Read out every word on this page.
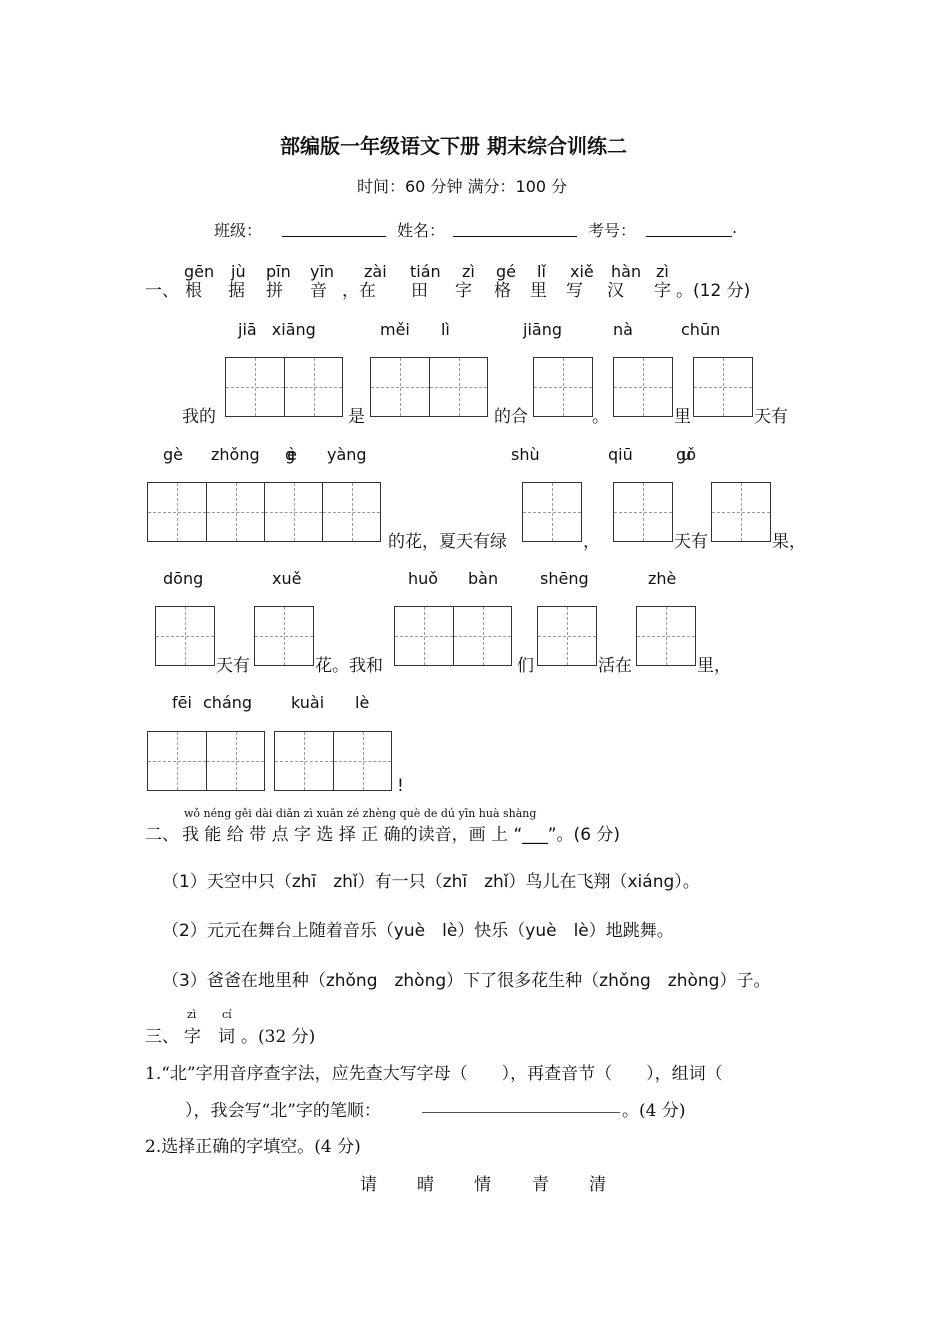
部编版一年级语文下册 期末综合训练二
时间：60 分钟 满分：100 分
班级：	姓名：	考号：	.
gēn jù pīn yīn zài tián zì gé lǐ xiě hàn zì
一、 根 据 拼 音 ，在 田 字 格 里 写 汉 字 。(12 分)
jiā xiāng	měi lì	jiāng	nà	chūn
我的	是	的合	。	里	天有
gè zhǒng gè yàng	shù	qiū	guǒ
的花，夏天有绿	，	天有	果，
dōng	xuě	huǒ bàn	shēng	zhè
天有	花。我和	们	活在	里，
fēi cháng kuài lè
!
wǒ néng gěi dài diǎn zì xuǎn zé zhèng què de dú yīn huà shàng
二、 我 能 给 带 点 字 选 择 正 确的读音，画 上 “___”。(6 分)
（1）天空中只（zhī　zhǐ）有一只（zhī　zhǐ）鸟儿在飞翔（xiáng）。
（2）元元在舞台上随着音乐（yuè　lè）快乐（yuè　lè）地跳舞。
（3）爸爸在地里种（zhǒng　zhòng）下了很多花生种（zhǒng　zhòng）子。
zì cí
三、 字　词 。(32 分)
1.“北”字用音序查字法，应先查大写字母（　　），再查音节（　　），组词（
），我会写“北”字的笔顺：	。(4 分)
2.选择正确的字填空。(4 分)
请 晴 情 青 清
